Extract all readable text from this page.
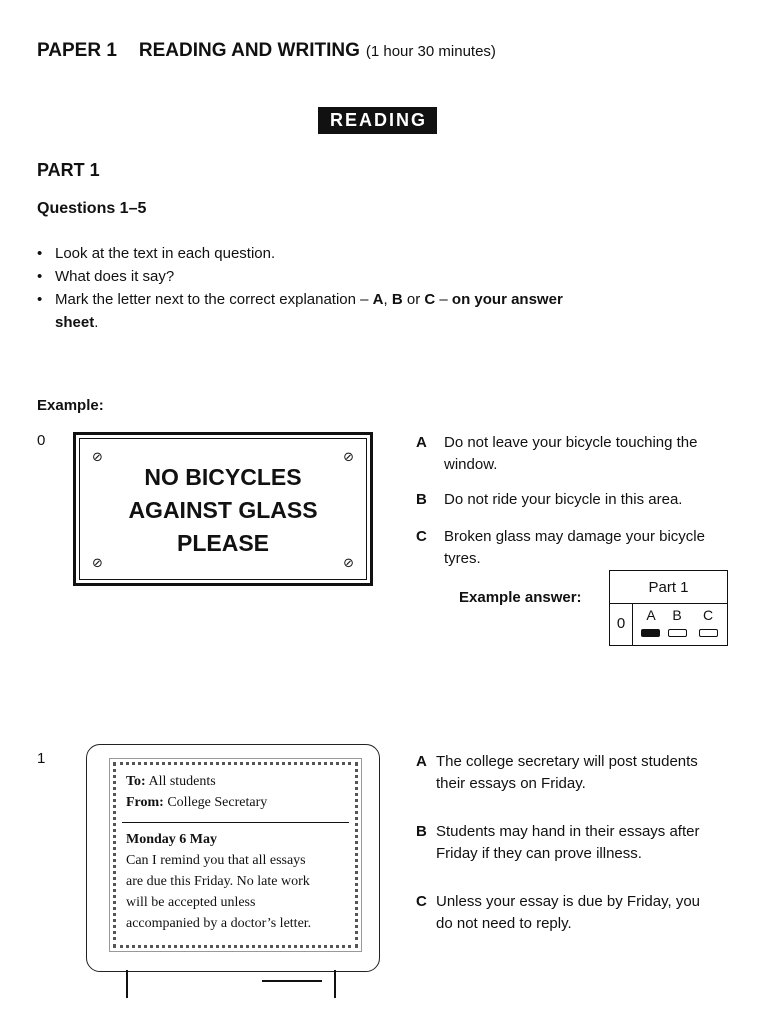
PAPER 1 READING AND WRITING (1 hour 30 minutes)
READING
PART 1
Questions 1–5
• Look at the text in each question.
• What does it say?
• Mark the letter next to the correct explanation – A, B or C – on your answer sheet.
Example:
0
⊘	⊘
⊘	⊘
NO BICYCLES
AGAINST GLASS
PLEASE
A	Do not leave your bicycle touching the window.
B	Do not ride your bicycle in this area.
C	Broken glass may damage your bicycle tyres.
Example answer:
Part 1
0	A	B	C
1
To: All students
From: College Secretary
Monday 6 May
Can I remind you that all essays
are due this Friday. No late work
will be accepted unless
accompanied by a doctor’s letter.
A The college secretary will post students their essays on Friday.
B Students may hand in their essays after Friday if they can prove illness.
C Unless your essay is due by Friday, you do not need to reply.
